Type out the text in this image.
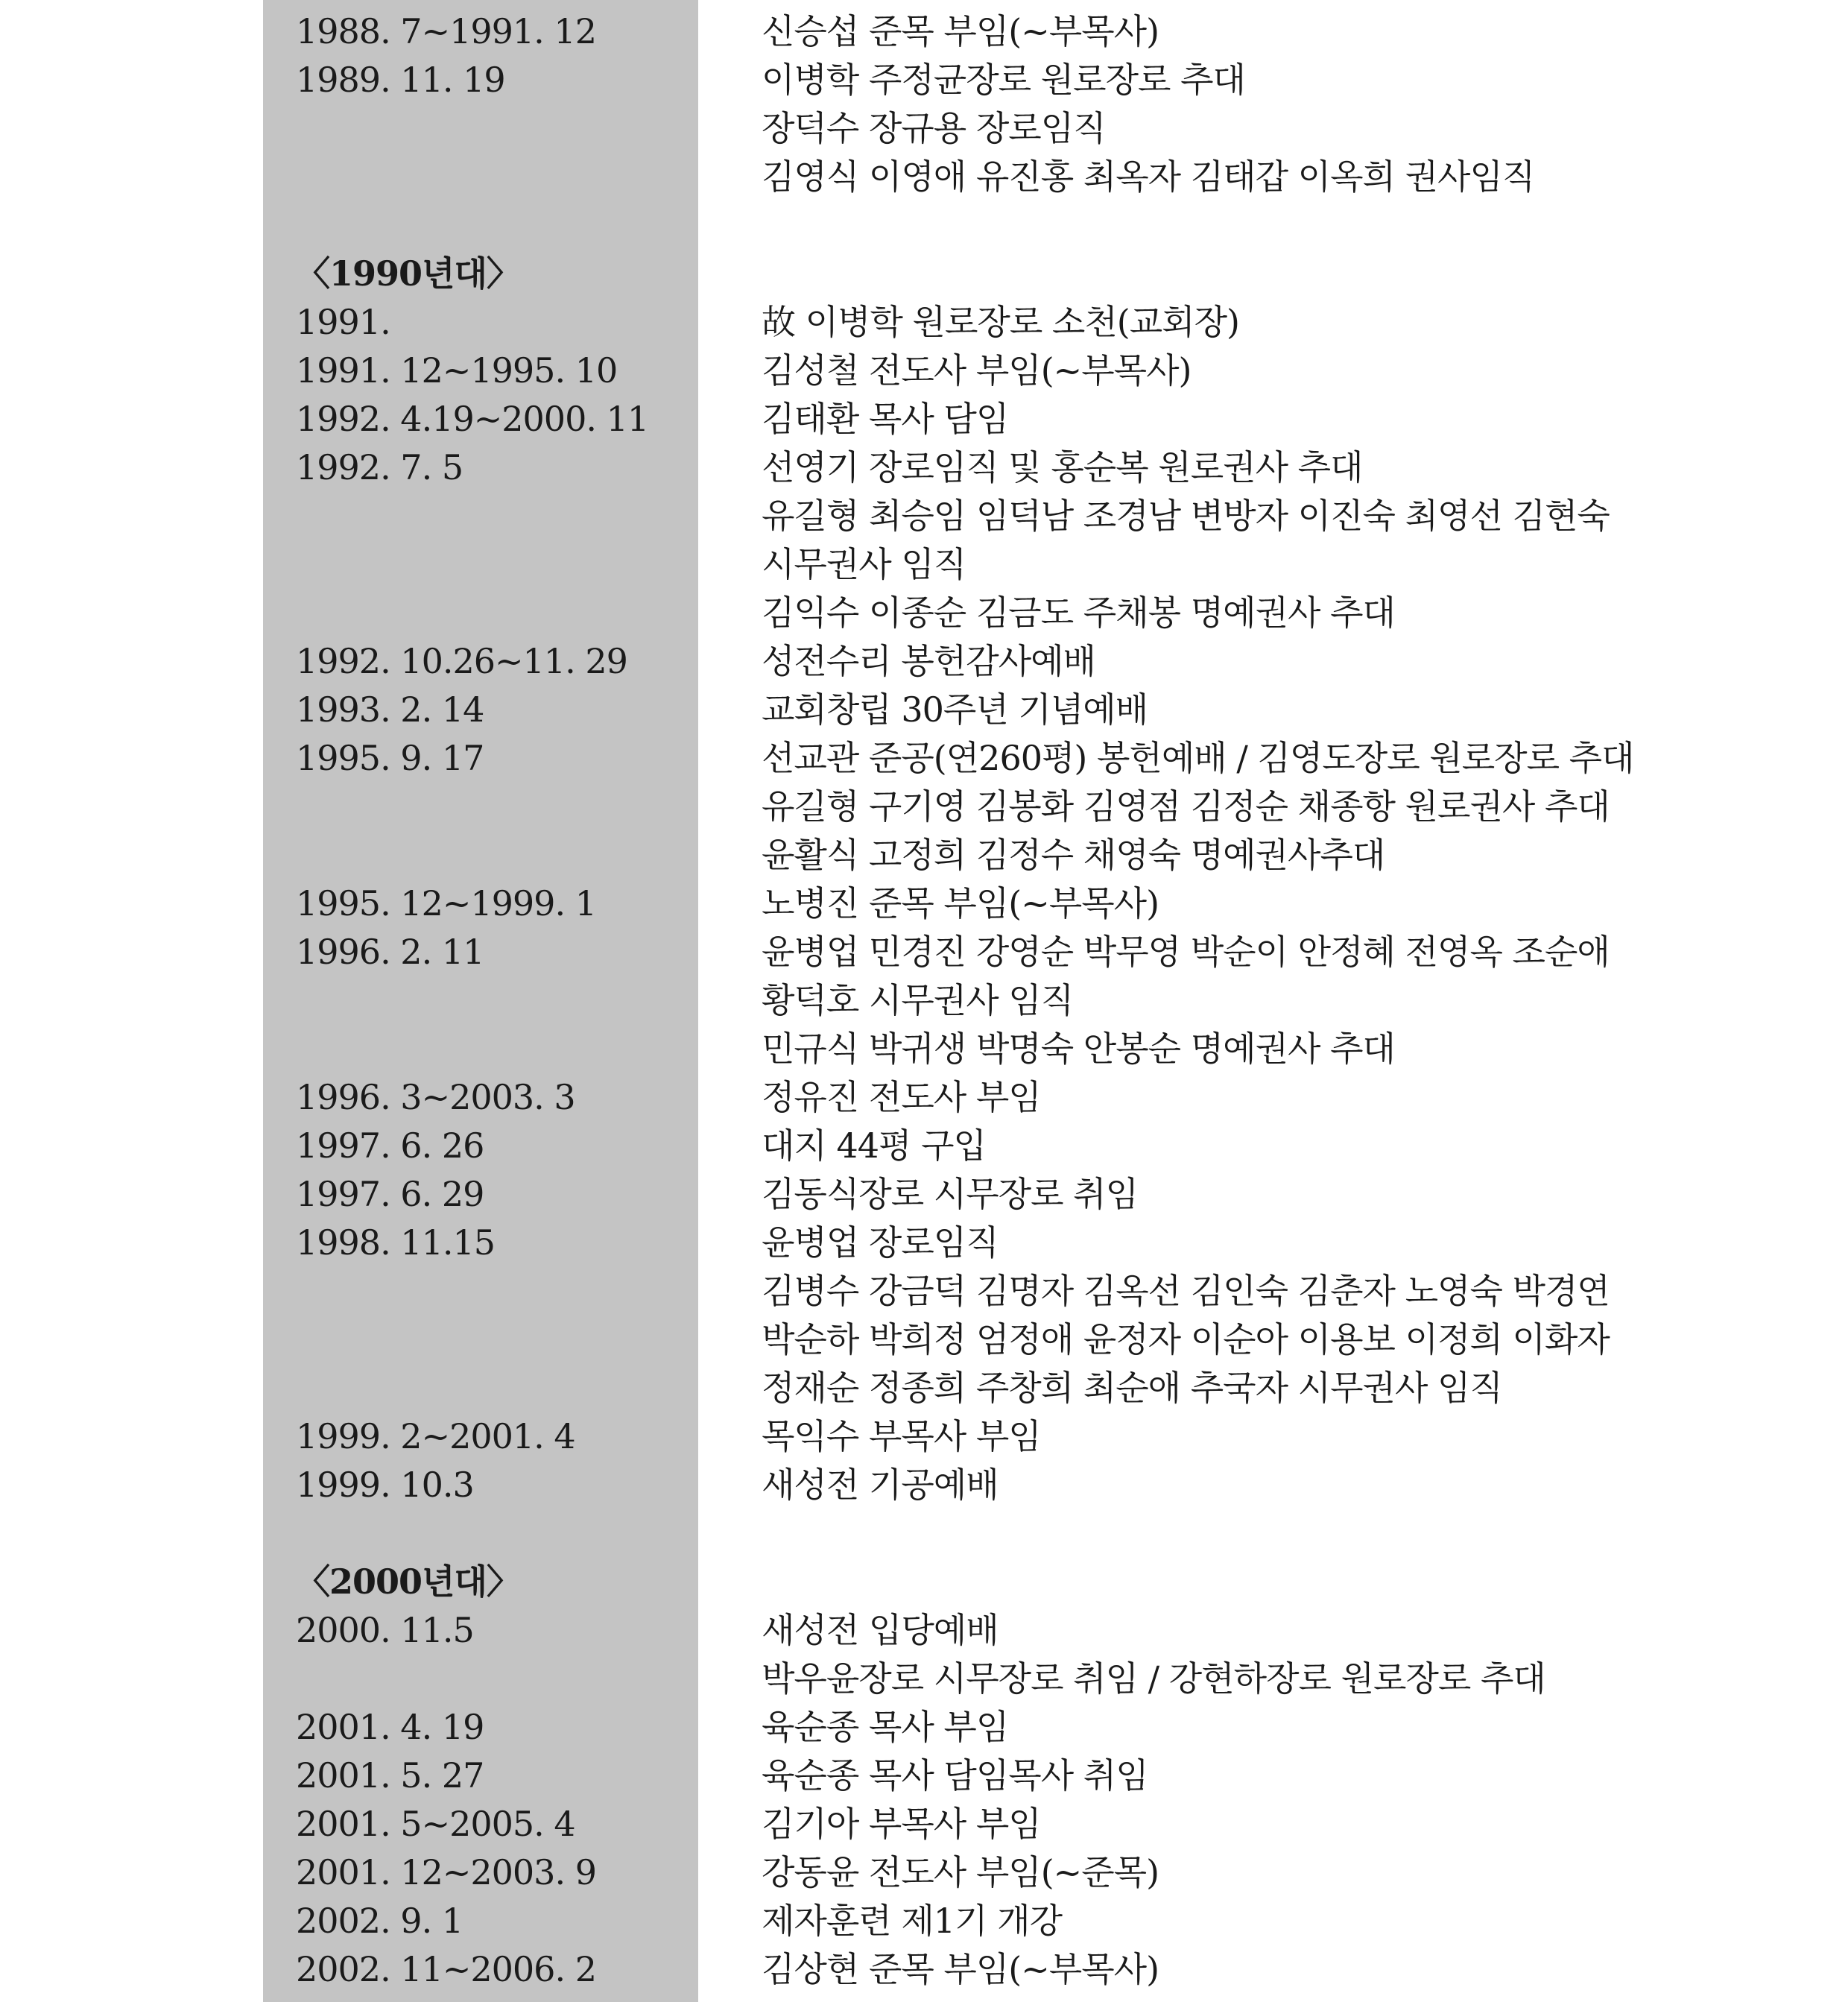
1988. 7~1991. 12	신승섭 준목 부임(~부목사)
1989. 11. 19	이병학 주정균장로 원로장로 추대
장덕수 장규용 장로임직
김영식 이영애 유진홍 최옥자 김태갑 이옥희 권사임직
〈1990년대〉
1991.	故 이병학 원로장로 소천(교회장)
1991. 12~1995. 10	김성철 전도사 부임(~부목사)
1992. 4.19~2000. 11	김태환 목사 담임
1992. 7. 5	선영기 장로임직 및 홍순복 원로권사 추대
유길형 최승임 임덕남 조경남 변방자 이진숙 최영선 김현숙
시무권사 임직
김익수 이종순 김금도 주채봉 명예권사 추대
1992. 10.26~11. 29	성전수리 봉헌감사예배
1993. 2. 14	교회창립 30주년 기념예배
1995. 9. 17	선교관 준공(연260평) 봉헌예배 / 김영도장로 원로장로 추대
유길형 구기영 김봉화 김영점 김정순 채종항 원로권사 추대
윤활식 고정희 김정수 채영숙 명예권사추대
1995. 12~1999. 1	노병진 준목 부임(~부목사)
1996. 2. 11	윤병업 민경진 강영순 박무영 박순이 안정혜 전영옥 조순애
황덕호 시무권사 임직
민규식 박귀생 박명숙 안봉순 명예권사 추대
1996. 3~2003. 3	정유진 전도사 부임
1997. 6. 26	대지 44평 구입
1997. 6. 29	김동식장로 시무장로 취임
1998. 11.15	윤병업 장로임직
김병수 강금덕 김명자 김옥선 김인숙 김춘자 노영숙 박경연
박순하 박희정 엄정애 윤정자 이순아 이용보 이정희 이화자
정재순 정종희 주창희 최순애 추국자 시무권사 임직
1999. 2~2001. 4	목익수 부목사 부임
1999. 10.3	새성전 기공예배
〈2000년대〉
2000. 11.5	새성전 입당예배
박우윤장로 시무장로 취임 / 강현하장로 원로장로 추대
2001. 4. 19	육순종 목사 부임
2001. 5. 27	육순종 목사 담임목사 취임
2001. 5~2005. 4	김기아 부목사 부임
2001. 12~2003. 9	강동윤 전도사 부임(~준목)
2002. 9. 1	제자훈련 제1기 개강
2002. 11~2006. 2	김상현 준목 부임(~부목사)
